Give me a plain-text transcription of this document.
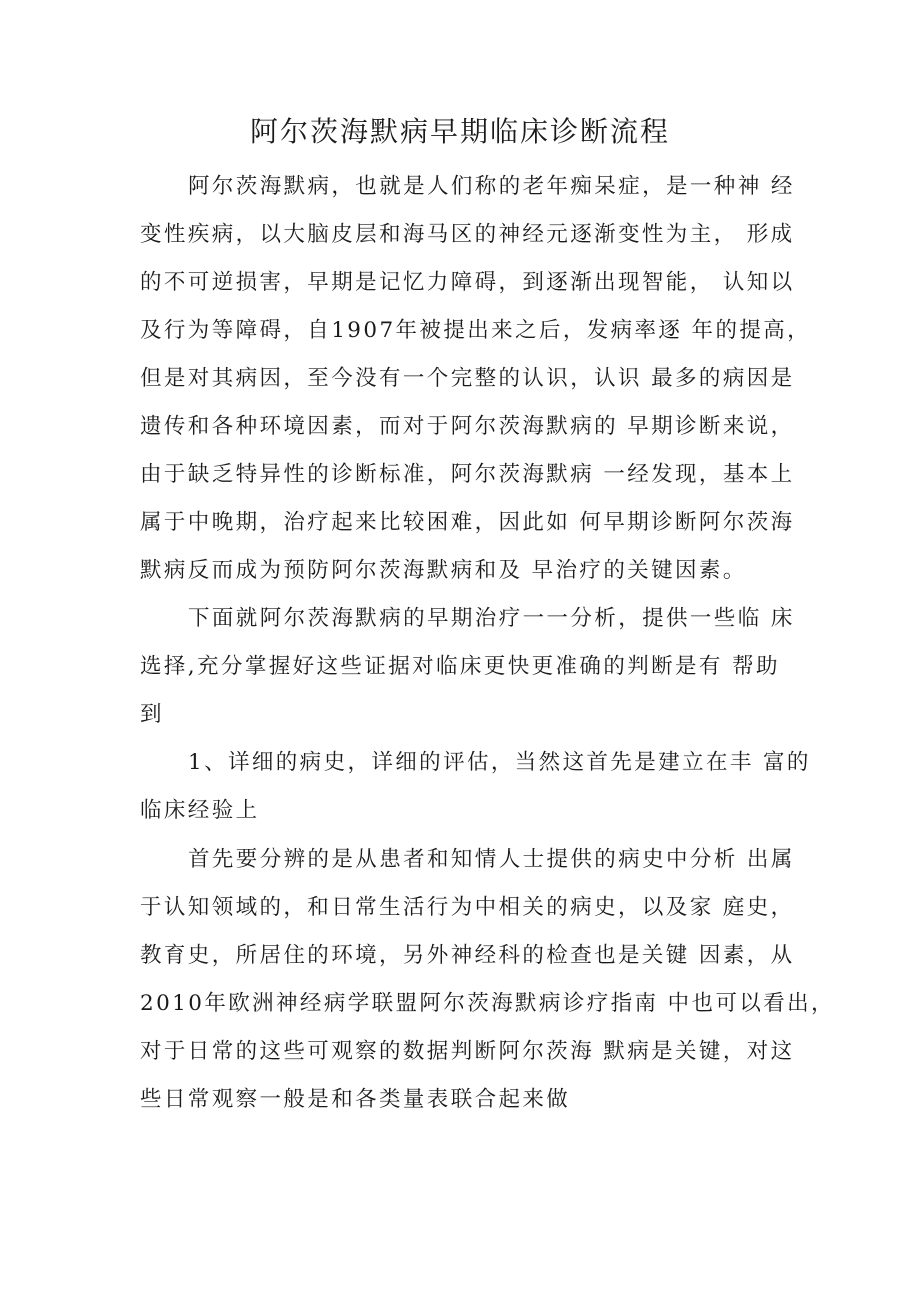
阿尔茨海默病早期临床诊断流程
阿尔茨海默病，也就是人们称的老年痴呆症，是一种神 经
变性疾病，以大脑皮层和海马区的神经元逐渐变性为主， 形成
的不可逆损害，早期是记忆力障碍，到逐渐出现智能， 认知以
及行为等障碍，自1907年被提出来之后，发病率逐 年的提高，
但是对其病因，至今没有一个完整的认识，认识 最多的病因是
遗传和各种环境因素，而对于阿尔茨海默病的 早期诊断来说，
由于缺乏特异性的诊断标准，阿尔茨海默病 一经发现，基本上
属于中晚期，治疗起来比较困难，因此如 何早期诊断阿尔茨海
默病反而成为预防阿尔茨海默病和及 早治疗的关键因素。
下面就阿尔茨海默病的早期治疗一一分析，提供一些临 床
选择,充分掌握好这些证据对临床更快更准确的判断是有 帮助
到
1、详细的病史，详细的评估，当然这首先是建立在丰 富的
临床经验上
首先要分辨的是从患者和知情人士提供的病史中分析 出属
于认知领域的，和日常生活行为中相关的病史，以及家 庭史，
教育史，所居住的环境，另外神经科的检查也是关键 因素，从
2010年欧洲神经病学联盟阿尔茨海默病诊疗指南 中也可以看出，
对于日常的这些可观察的数据判断阿尔茨海 默病是关键，对这
些日常观察一般是和各类量表联合起来做
